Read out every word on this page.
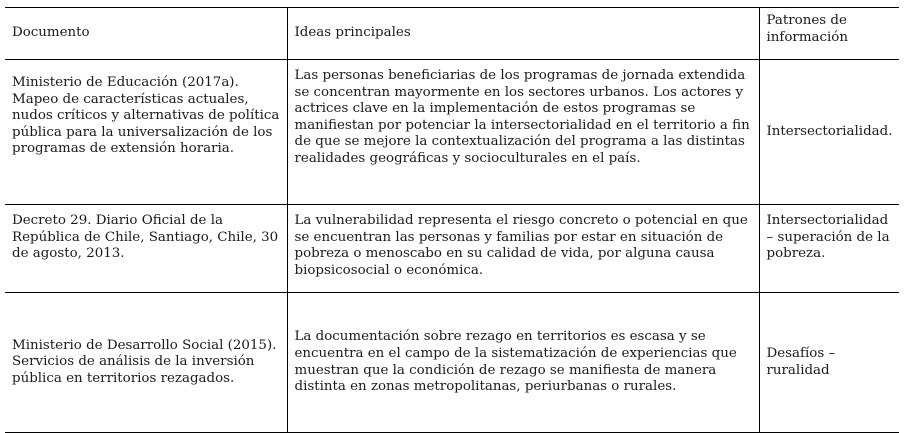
Documento	Ideas principales	Patrones de información
Ministerio de Educación (2017a). Mapeo de características actuales, nudos críticos y alternativas de política pública para la universalización de los programas de extensión horaria.	Las personas beneficiarias de los programas de jornada extendida se concentran mayormente en los sectores urbanos. Los actores y actrices clave en la implementación de estos programas se manifiestan por potenciar la intersectorialidad en el territorio a fin de que se mejore la contextualización del programa a las distintas realidades geográficas y socioculturales en el país.	Intersectorialidad.
Decreto 29. Diario Oficial de la República de Chile, Santiago, Chile, 30 de agosto, 2013.	La vulnerabilidad representa el riesgo concreto o potencial en que se encuentran las personas y familias por estar en situación de pobreza o menoscabo en su calidad de vida, por alguna causa biopsicosocial o económica.	Intersectorialidad – superación de la pobreza.
Ministerio de Desarrollo Social (2015). Servicios de análisis de la inversión pública en territorios rezagados.	La documentación sobre rezago en territorios es escasa y se encuentra en el campo de la sistematización de experiencias que muestran que la condición de rezago se manifiesta de manera distinta en zonas metropolitanas, periurbanas o rurales.	Desafíos – ruralidad
